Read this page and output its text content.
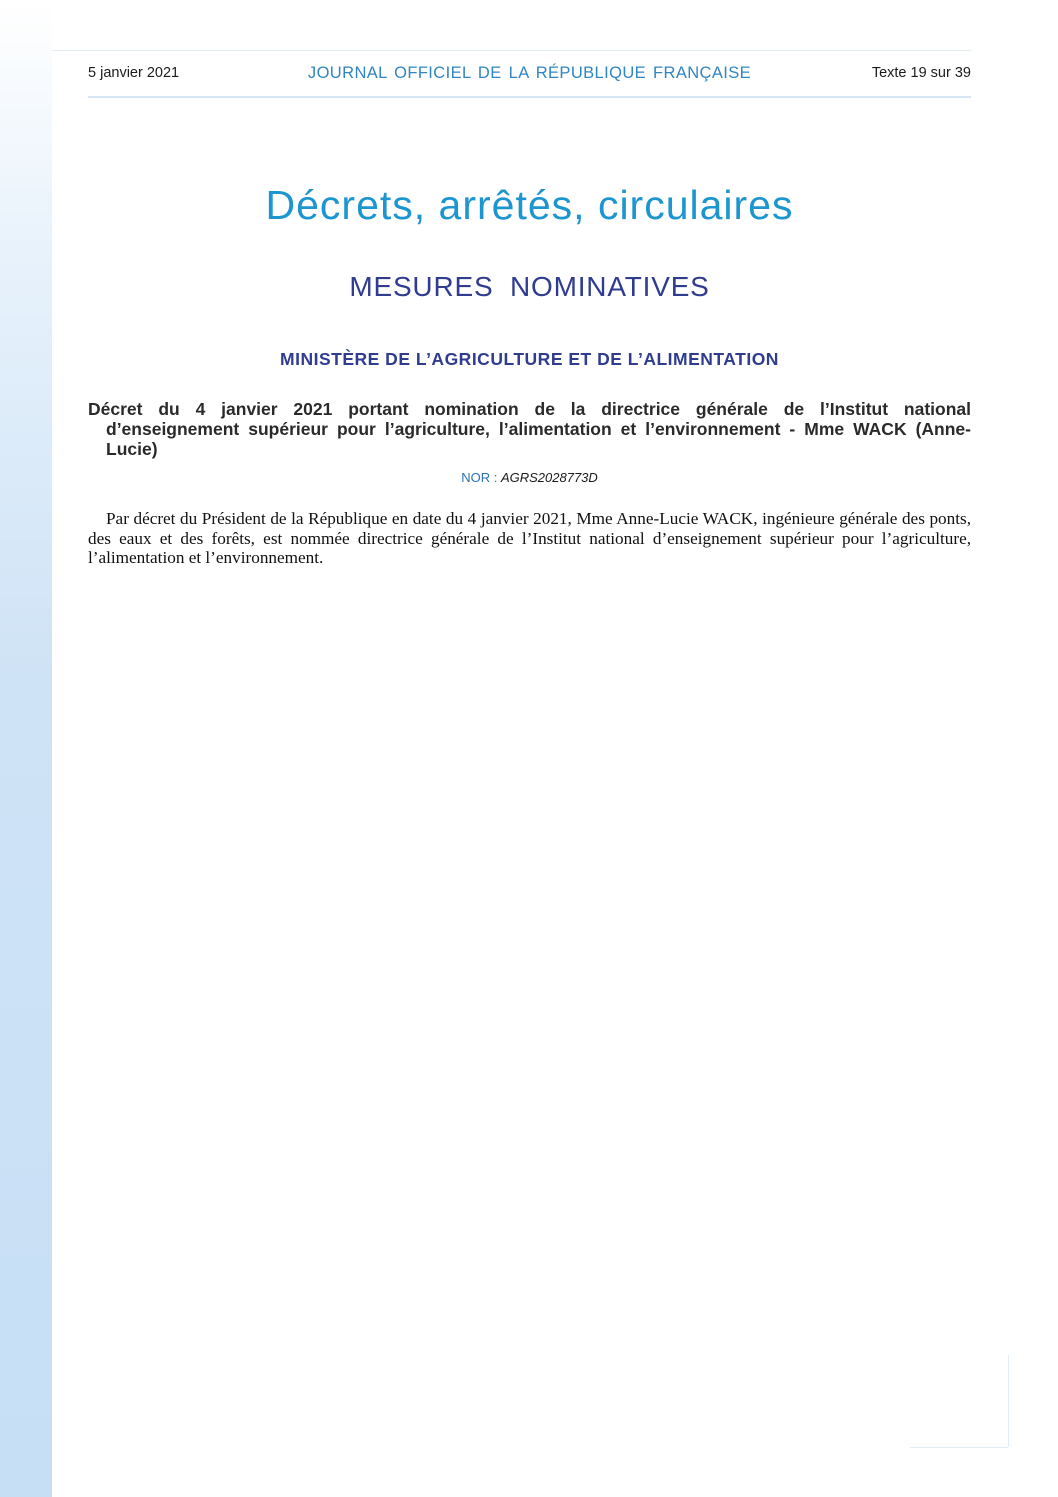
5 janvier 2021	JOURNAL OFFICIEL DE LA RÉPUBLIQUE FRANÇAISE	Texte 19 sur 39
Décrets, arrêtés, circulaires
MESURES NOMINATIVES
MINISTÈRE DE L’AGRICULTURE ET DE L’ALIMENTATION
Décret du 4 janvier 2021 portant nomination de la directrice générale de l’Institut national
d’enseignement supérieur pour l’agriculture, l’alimentation et l’environnement - Mme WACK (Anne-Lucie)
NOR : AGRS2028773D
Par décret du Président de la République en date du 4 janvier 2021, Mme Anne-Lucie WACK, ingénieure générale des ponts, des eaux et des forêts, est nommée directrice générale de l’Institut national d’enseignement supérieur pour l’agriculture, l’alimentation et l’environnement.
